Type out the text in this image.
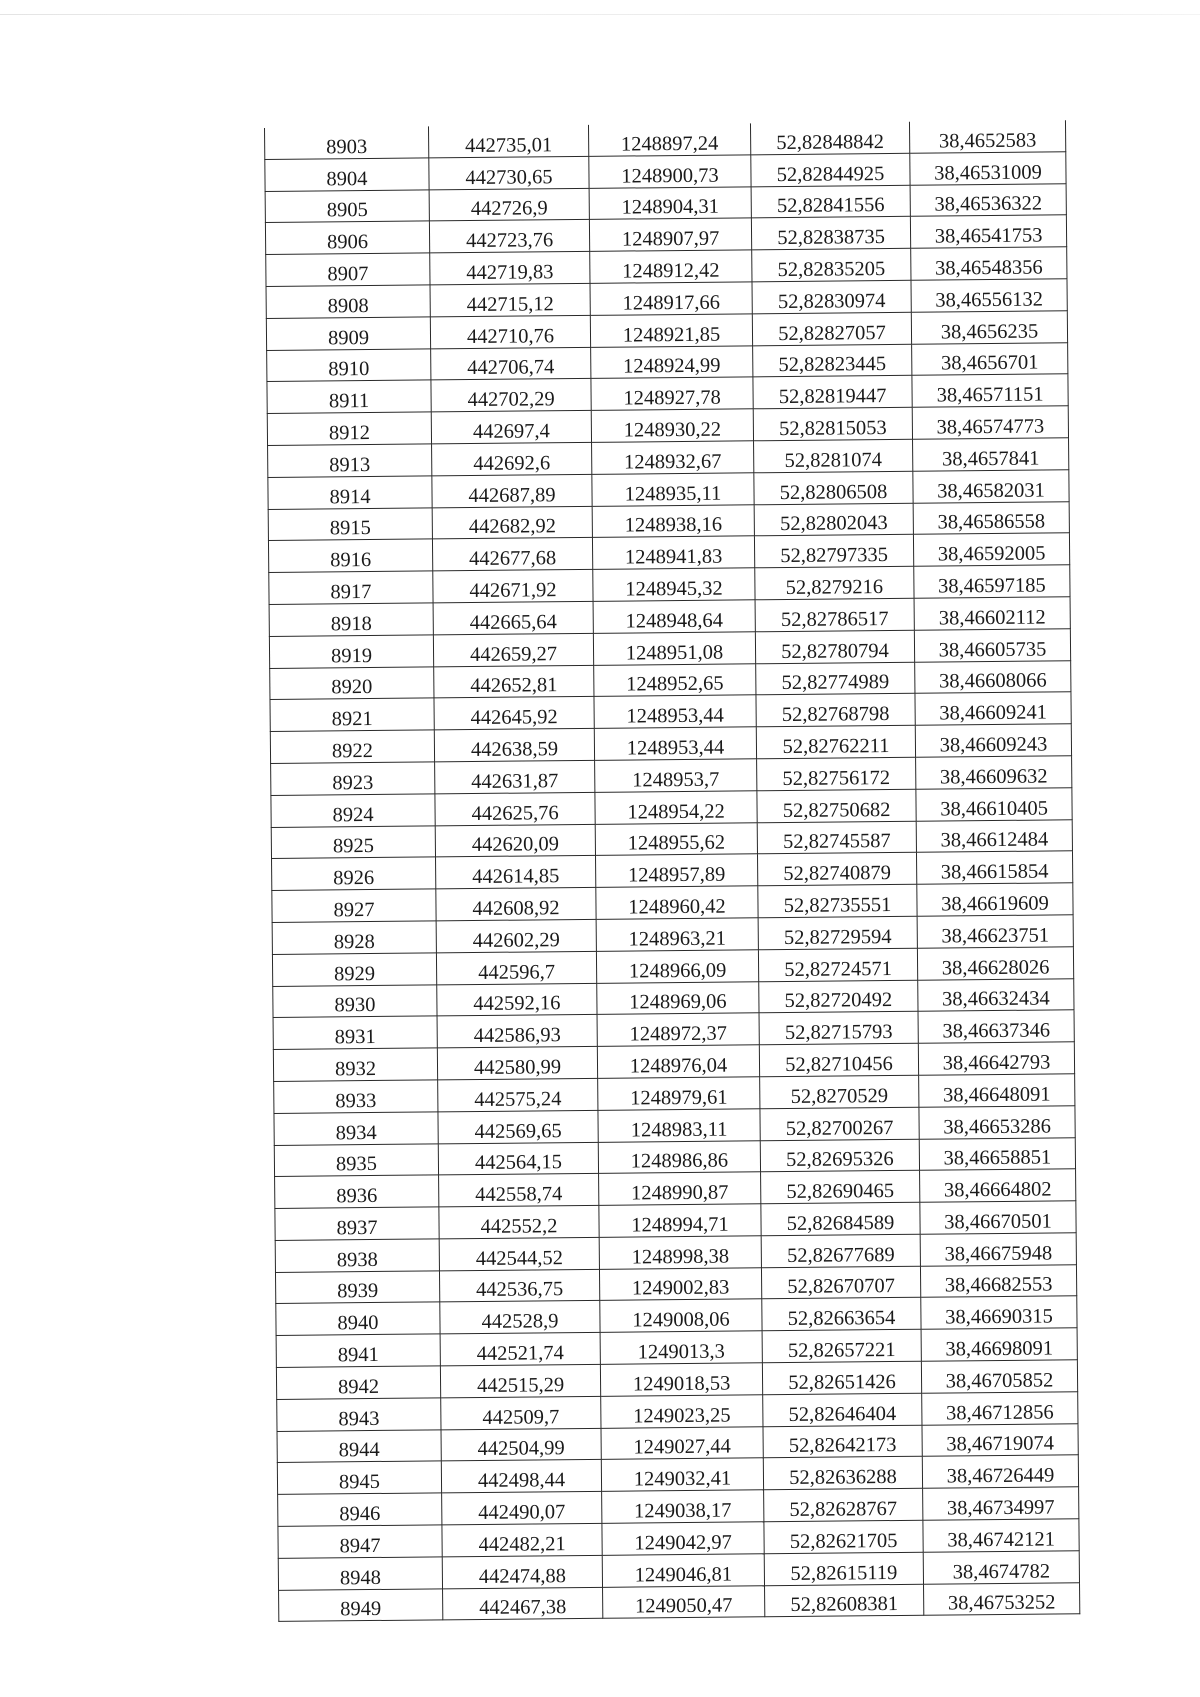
8903	442735,01	1248897,24	52,82848842	38,4652583
8904	442730,65	1248900,73	52,82844925	38,46531009
8905	442726,9	1248904,31	52,82841556	38,46536322
8906	442723,76	1248907,97	52,82838735	38,46541753
8907	442719,83	1248912,42	52,82835205	38,46548356
8908	442715,12	1248917,66	52,82830974	38,46556132
8909	442710,76	1248921,85	52,82827057	38,4656235
8910	442706,74	1248924,99	52,82823445	38,4656701
8911	442702,29	1248927,78	52,82819447	38,46571151
8912	442697,4	1248930,22	52,82815053	38,46574773
8913	442692,6	1248932,67	52,8281074	38,4657841
8914	442687,89	1248935,11	52,82806508	38,46582031
8915	442682,92	1248938,16	52,82802043	38,46586558
8916	442677,68	1248941,83	52,82797335	38,46592005
8917	442671,92	1248945,32	52,8279216	38,46597185
8918	442665,64	1248948,64	52,82786517	38,46602112
8919	442659,27	1248951,08	52,82780794	38,46605735
8920	442652,81	1248952,65	52,82774989	38,46608066
8921	442645,92	1248953,44	52,82768798	38,46609241
8922	442638,59	1248953,44	52,82762211	38,46609243
8923	442631,87	1248953,7	52,82756172	38,46609632
8924	442625,76	1248954,22	52,82750682	38,46610405
8925	442620,09	1248955,62	52,82745587	38,46612484
8926	442614,85	1248957,89	52,82740879	38,46615854
8927	442608,92	1248960,42	52,82735551	38,46619609
8928	442602,29	1248963,21	52,82729594	38,46623751
8929	442596,7	1248966,09	52,82724571	38,46628026
8930	442592,16	1248969,06	52,82720492	38,46632434
8931	442586,93	1248972,37	52,82715793	38,46637346
8932	442580,99	1248976,04	52,82710456	38,46642793
8933	442575,24	1248979,61	52,8270529	38,46648091
8934	442569,65	1248983,11	52,82700267	38,46653286
8935	442564,15	1248986,86	52,82695326	38,46658851
8936	442558,74	1248990,87	52,82690465	38,46664802
8937	442552,2	1248994,71	52,82684589	38,46670501
8938	442544,52	1248998,38	52,82677689	38,46675948
8939	442536,75	1249002,83	52,82670707	38,46682553
8940	442528,9	1249008,06	52,82663654	38,46690315
8941	442521,74	1249013,3	52,82657221	38,46698091
8942	442515,29	1249018,53	52,82651426	38,46705852
8943	442509,7	1249023,25	52,82646404	38,46712856
8944	442504,99	1249027,44	52,82642173	38,46719074
8945	442498,44	1249032,41	52,82636288	38,46726449
8946	442490,07	1249038,17	52,82628767	38,46734997
8947	442482,21	1249042,97	52,82621705	38,46742121
8948	442474,88	1249046,81	52,82615119	38,4674782
8949	442467,38	1249050,47	52,82608381	38,46753252
